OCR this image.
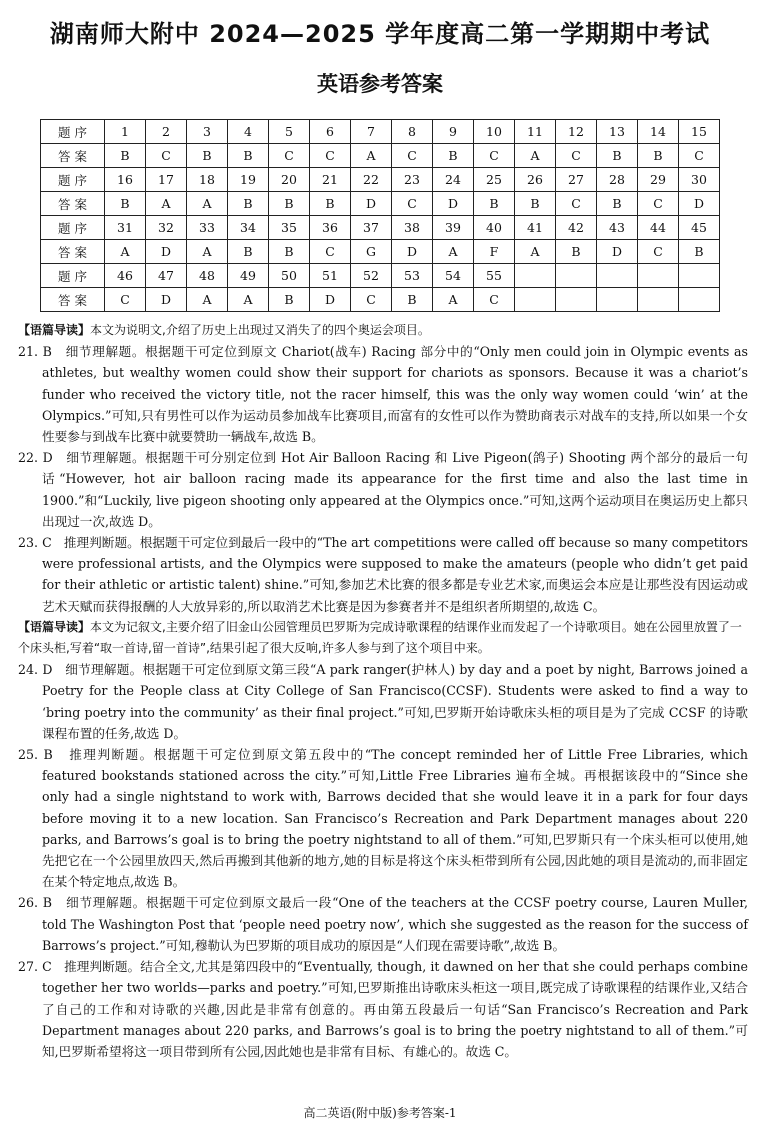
湖南师大附中 2024—2025 学年度高二第一学期期中考试
英语参考答案
题 序	1	2	3	4	5	6	7	8	9	10	11	12	13	14	15
答 案	B	C	B	B	C	C	A	C	B	C	A	C	B	B	C
题 序	16	17	18	19	20	21	22	23	24	25	26	27	28	29	30
答 案	B	A	A	B	B	B	D	C	D	B	B	C	B	C	D
题 序	31	32	33	34	35	36	37	38	39	40	41	42	43	44	45
答 案	A	D	A	B	B	C	G	D	A	F	A	B	D	C	B
题 序	46	47	48	49	50	51	52	53	54	55					
答 案	C	D	A	A	B	D	C	B	A	C					

【语篇导读】本文为说明文,介绍了历史上出现过又消失了的四个奥运会项目。

21. B 细节理解题。根据题干可定位到原文 Chariot(战车) Racing 部分中的“Only men could join in Olympic events as athletes, but wealthy women could show their support for chariots as sponsors. Because it was a chariot’s funder who received the victory title, not the racer himself, this was the only way women could ‘win’ at the Olympics.”可知,只有男性可以作为运动员参加战车比赛项目,而富有的女性可以作为赞助商表示对战车的支持,所以如果一个女性要参与到战车比赛中就要赞助一辆战车,故选 B。

22. D 细节理解题。根据题干可分别定位到 Hot Air Balloon Racing 和 Live Pigeon(鸽子) Shooting 两个部分的最后一句话“However, hot air balloon racing made its appearance for the first time and also the last time in 1900.”和“Luckily, live pigeon shooting only appeared at the Olympics once.”可知,这两个运动项目在奥运历史上都只出现过一次,故选 D。

23. C 推理判断题。根据题干可定位到最后一段中的“The art competitions were called off because so many competitors were professional artists, and the Olympics were supposed to make the amateurs (people who didn’t get paid for their athletic or artistic talent) shine.”可知,参加艺术比赛的很多都是专业艺术家,而奥运会本应是让那些没有因运动或艺术天赋而获得报酬的人大放异彩的,所以取消艺术比赛是因为参赛者并不是组织者所期望的,故选 C。

【语篇导读】本文为记叙文,主要介绍了旧金山公园管理员巴罗斯为完成诗歌课程的结课作业而发起了一个诗歌项目。她在公园里放置了一个床头柜,写着“取一首诗,留一首诗”,结果引起了很大反响,许多人参与到了这个项目中来。

24. D 细节理解题。根据题干可定位到原文第三段“A park ranger(护林人) by day and a poet by night, Barrows joined a Poetry for the People class at City College of San Francisco(CCSF). Students were asked to find a way to ‘bring poetry into the community’ as their final project.”可知,巴罗斯开始诗歌床头柜的项目是为了完成 CCSF 的诗歌课程布置的任务,故选 D。

25. B 推理判断题。根据题干可定位到原文第五段中的“The concept reminded her of Little Free Libraries, which featured bookstands stationed across the city.”可知,Little Free Libraries 遍布全城。再根据该段中的“Since she only had a single nightstand to work with, Barrows decided that she would leave it in a park for four days before moving it to a new location. San Francisco’s Recreation and Park Department manages about 220 parks, and Barrows’s goal is to bring the poetry nightstand to all of them.”可知,巴罗斯只有一个床头柜可以使用,她先把它在一个公园里放四天,然后再搬到其他新的地方,她的目标是将这个床头柜带到所有公园,因此她的项目是流动的,而非固定在某个特定地点,故选 B。

26. B 细节理解题。根据题干可定位到原文最后一段“One of the teachers at the CCSF poetry course, Lauren Muller, told The Washington Post that ‘people need poetry now’, which she suggested as the reason for the success of Barrows’s project.”可知,穆勒认为巴罗斯的项目成功的原因是“人们现在需要诗歌”,故选 B。

27. C 推理判断题。结合全文,尤其是第四段中的“Eventually, though, it dawned on her that she could perhaps combine together her two worlds—parks and poetry.”可知,巴罗斯推出诗歌床头柜这一项目,既完成了诗歌课程的结课作业,又结合了自己的工作和对诗歌的兴趣,因此是非常有创意的。再由第五段最后一句话“San Francisco’s Recreation and Park Department manages about 220 parks, and Barrows’s goal is to bring the poetry nightstand to all of them.”可知,巴罗斯希望将这一项目带到所有公园,因此她也是非常有目标、有雄心的。故选 C。

高二英语(附中版)参考答案-1
